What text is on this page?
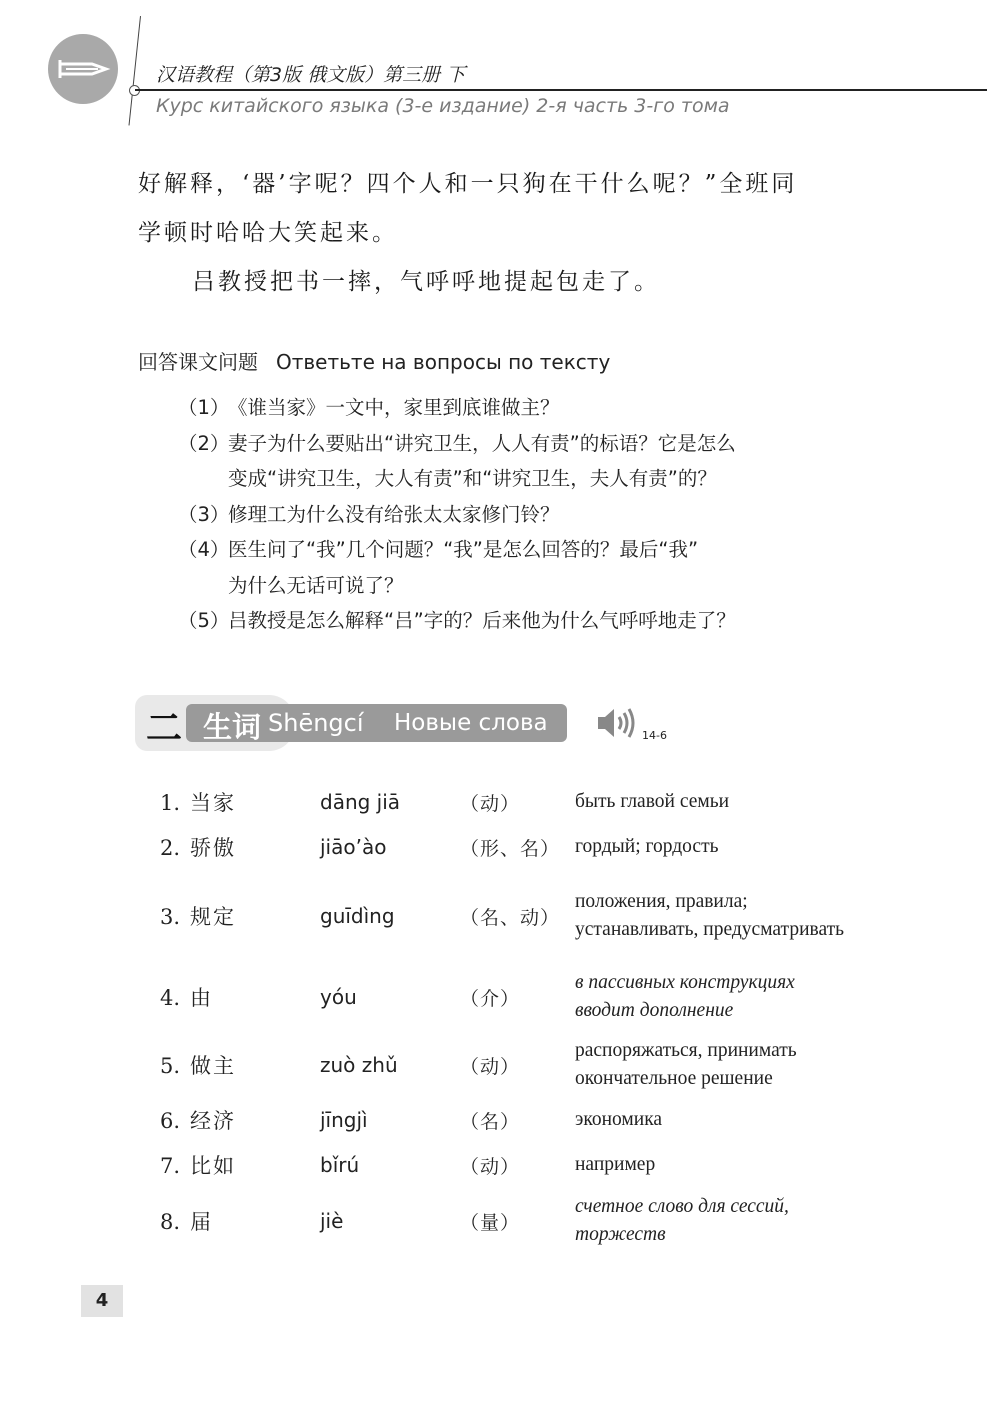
汉语教程（第3版 俄文版）第三册 下
Курс китайского языка (3-е издание) 2-я часть 3-го тома

好解释，‘器’字呢？四个人和一只狗在干什么呢？”全班同

学顿时哈哈大笑起来。

吕教授把书一摔，气呼呼地提起包走了。

回答课文问题 Ответьте на вопросы по тексту
（1）
《谁当家》一文中，家里到底谁做主？
（2）
妻子为什么要贴出“讲究卫生，人人有责”的标语？它是怎么
变成“讲究卫生，大人有责”和“讲究卫生，夫人有责”的？
（3）
修理工为什么没有给张太太家修门铃？
（4）
医生问了“我”几个问题？“我”是怎么回答的？最后“我”
为什么无话可说了？
（5）
吕教授是怎么解释“吕”字的？后来他为什么气呼呼地走了？
二 生词 Shēngcí Новые слова	14-6
1. 当家	dāng jiā	（动）	быть главой семьи
2. 骄傲	jiāo’ào	（形、名）	гордый; гордость
3. 规定	guīdìng	（名、动）	положения, правила; устанавливать, предусматривать
4. 由	yóu	（介）	в пассивных конструкциях вводит дополнение
5. 做主	zuò zhǔ	（动）	распоряжаться, принимать окончательное решение
6. 经济	jīngjì	（名）	экономика
7. 比如	bǐrú	（动）	например
8. 届	jiè	（量）	счетное слово для сессий, торжеств
4
